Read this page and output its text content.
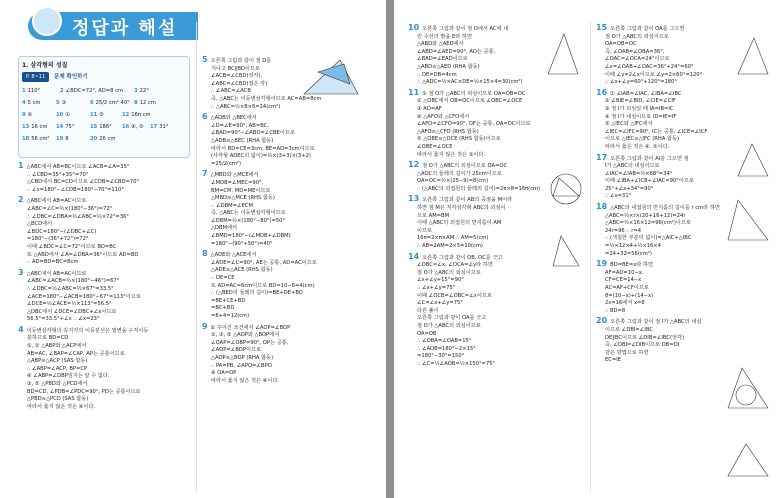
정답과 해설
1. 삼각형의 성질
P. 8~11	문제 확인하기
1 110°	2 ∠BDC=72°, AD=8 cm 3 22°
4 5 cm	5 ③	6 25/2 cm² 40° 8 12 cm
9 ④	10 ①	11 ⑤	12 16π cm
13 16 cm 14 75°	15 186° 16 ④, ⑤ 17 31°
18 56 cm² 19 8	20 26 cm
1 △ABC에서 AB=BC이므로 ∠ACB=∠A=35°
∴ ∠CBD=35°+35°=70°
△CBD에서 BC=CD이므로 ∠CDB=∠CBD=70°
∴ ∠x=180°−∠CDB=180°−70°=110°
2 △ABC에서 AB=AC이므로
∠ABC=∠C=½×(180°−36°)=72°
∴ ∠DBC=∠DBA=½∠ABC=½×72°=36°
△BCD에서
∠BDC=180°−(∠DBC+∠C)
=180°−(36°+72°)=72°
이때 ∠BDC=∠C=72°이므로 BD=BC
또 △ABD에서 ∠A=∠DBA=36°이므로 AD=BD
∴ AD=BD=BC=8cm
3 △ABC에서 AB=AC이므로
∠ABC=∠ACB=½×(180°−46°)=67°
∴ ∠DBC=½∠ABC=½×67°=33.5°
∠ACE=180°−∠ACB=180°−67°=113°이므로
∠DCE=½∠ACE=½×113°=56.5°
△DBC에서 ∠DCE=∠DBC+∠x이므로
56.5°=33.5°+∠x ∴ ∠x=23°
4 이등변삼각형의 꼭지각의 이등분선은 밑변을 수직이등
분하므로 BD=CD
①, ② △ABP와 △ACP에서
AB=AC, ∠BAP=∠CAP, AP는 공통이므로
△ABP≡△ACP (SAS 합동)
∴ ∠ABP=∠ACP, BP=CP
④ ∠ABP=∠DBP임지는 알 수 없다.
③, ⑤ △PBD와 △PCD에서
BD=CD, ∠PDB=∠PDC=90°, PD는 공통이므로
△PBD≡△PCD (SAS 합동)
따라서 옳지 않은 것은 ④이다.
5 오른쪽 그림과 같이 점 D를
지나고 BC∥BD이므로
∠ACB=∠CBD(엇각),
∠ABC=∠CBD(접은 각)
∴ ∠ABC=∠ACB
즉, △ABC는 이등변삼각형이므로 AC=AB=8cm
∴ △ABC=½×8×6=24(cm²)
6 △ADB와 △BEC에서
∠D=∠E=90°, AB=BC,
∠BAD=90°−∠ABD=∠CBE이므로
△ADB≡△BEC (RHA 합동)
따라서 BD=CE=3cm, BE=AD=3cm이므로
(사각형 ADEC의 넓이)=½×(3+3)×(3+2)
=25/2(cm²)
7 △MBD와 △MCE에서
∠MDB=∠MEC=90°,
BM=CM, MD=ME이므로
△MBD≡△MCE (RHS 합동)
∴ ∠DBM=∠ECM
즉, △ABC는 이등변삼각형이므로
∠DBM=½×(180°−80°)=50°
△DBM에서
∠BMD=180°−(∠MDB+∠DBM)
=180°−(90°+50°)=40°
8 △ADE와 △ACE에서
∠ADE=∠C=90°, AE는 공통, AD=AC이므로
△ADE≡△ACE (RHS 합동)
∴ DE=CE
또 AD=AC=6cm이므로 BD=10−6=4(cm)
∴ (△BED의 둘레의 길이)=BE+DE+BD
=BE+CE+BD
=BC+BD
=8+4=12(cm)
9 ① 주어진 조건에서 ∠AOP=∠BOP
②, ③, ⑤ △AOP와 △BOP에서
∠OAP=∠OBP=90°, OP는 공통,
∠AOP=∠BOP이므로
△AOP≡△BOP (RHA 합동)
∴ PA=PB, ∠APO=∠BPO
④ OA=OP
따라서 옳지 않은 것은 ④이다.
10 오른쪽 그림과 같이 점 D에서 AC에 내
린 수선의 발을 E라 하면
△ABD와 △AED에서
∠ABD=∠AED=90°, AD는 공통,
∠BAD=∠EAD이므로
△ABD≡△AED (RHA 합동)
∴ DE=DB=4cm
∴ △ADC=½×AC×DE=½×15×4=30(cm²)
11 ① 점 O가 △ABC의 외심이므로 OA=OB=OC
② △OBC에서 OB=OC이므로 ∠OBC=∠OCE
③ AD=AF
④ △AFO와 △CFO에서
∠AFO=∠CFO=90°, OF는 공통, OA=OC이므로
△AFO≡△CFO (RHS 합동)
⑤ △OBE≡△OCE (RHS 합동)이므로
∠OBE=∠OCE
따라서 옳지 않은 것은 ③이다.
12 점 O가 △ABC의 외심이므로 OA=OC
△AOC의 둘레의 길이가 25cm이므로
OA=OC=½×(25−9)=8(cm)
∴ (△ABC의 외접원의 둘레의 길이)=2π×8=16π(cm)
13 오른쪽 그림과 같이 AB의 중점을 M이라
하면 점 M은 직각삼각형 ABC의 외심이
므로 AM=BM
이때 △ABC의 외접원의 반지름이 AM
이므로
16π=2×π×AM ∴ AM=5(cm)
∴ AB=2AM=2×5=10(cm)
14 오른쪽 그림과 같이 OB, OC를 긋고
∠OBC=∠x, ∠OCA=∠y라 하면
점 O가 △ABC의 외심이므로
∠x+∠y+15°=90°
∴ ∠x+∠y=75°
이때 ∠OCB=∠OBC=∠x이므로
∠C=∠x+∠y=75°
다른 풀이
오른쪽 그림과 같이 OA를 긋고
점 O가 △ABC의 외심이므로
OA=OB
∴ ∠OBA=∠OAB=15°
∴ ∠AOB=180°−2×15°
=180°−30°=150°
∴ ∠C=½∠AOB=½×150°=75°
15 오른쪽 그림과 같이 OA를 그으면
점 O가 △ABC의 외심이므로
OA=OB=OC
즉, ∠OAB=∠OBA=36°,
∠OAC=∠OCA=24°이므로
∠x=∠OAB+∠OAC=36°+24°=60°
이때 ∠y=2∠x이므로 ∠y=2×60°=120°
∴ ∠x+∠y=60°+120°=180°
16 ① ∠IAB=∠IAC, ∠IBA=∠IBC
② ∠BIE=∠BID, ∠CIE=∠CIF
③ 점 I가 외심일 때 IA=IB=IC
④ 점 I가 내심이므로 ID=IE=IF
⑤ △IEC와 △IFC에서
∠IEC=∠IFC=90°, IC는 공통, ∠ICE=∠ICF
이므로 △IEC≡△IFC (RHA 합동)
따라서 옳은 것은 ④, ⑤이다.
17 오른쪽 그림과 같이 AI를 그으면 점
I가 △ABC의 내심이므로
∠IAC=∠IAB=½×68°=34°
이때 ∠IBA+∠ICB+∠IAC=90°이므로
25°+∠x+34°=90°
∴ ∠x=31°
18 △ABC의 내접원의 반지름의 길이를 r cm라 하면
△ABC=½×r×(20+16+12)=24r
△ABC=½×16×12=96(cm²)이므로
24r=96 ∴ r=4
∴ (색칠한 부분의 넓이)=△AIC+△IBC
=½×12×4+½×16×4
=24+32=56(cm²)
19 BD=BE=x라 하면
AF=AD=10−x,
CF=CE=14−x
AC=AF+CF이므로
8=(10−x)+(14−x)
2x=16에서 x=8
∴ BD=8
20 오른쪽 그림과 같이 점 I가 △ABC의 내심
이므로 ∠DBI=∠IBC
DE∥BC이므로 ∠DIB=∠IBC(엇각)
즉, ∠DBI=∠DIB이므로 DB=DI
같은 방법으로 하면
EC=IE
